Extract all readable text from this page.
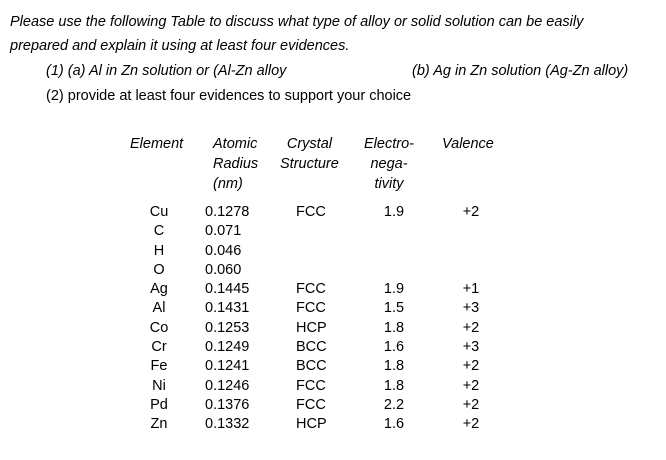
Please use the following Table to discuss what type of alloy or solid solution can be easily
prepared and explain it using at least four evidences.
(1) (a) Al in Zn solution or (Al-Zn alloy	(b) Ag in Zn solution (Ag-Zn alloy)
(2) provide at least four evidences to support your choice
Element Atomic
Radius
(nm)
Crystal
Structure
Electro-
nega-
tivity
Valence
Cu
C
H
O
Ag
Al
Co
Cr
Fe
Ni
Pd
Zn
0.1278
0.071
0.046
0.060
0.1445
0.1431
0.1253
0.1249
0.1241
0.1246
0.1376
0.1332
FCC
FCC
FCC
HCP
BCC
BCC
FCC
FCC
HCP
1.9
1.9
1.5
1.8
1.6
1.8
1.8
2.2
1.6
+2
+1
+3
+2
+3
+2
+2
+2
+2
